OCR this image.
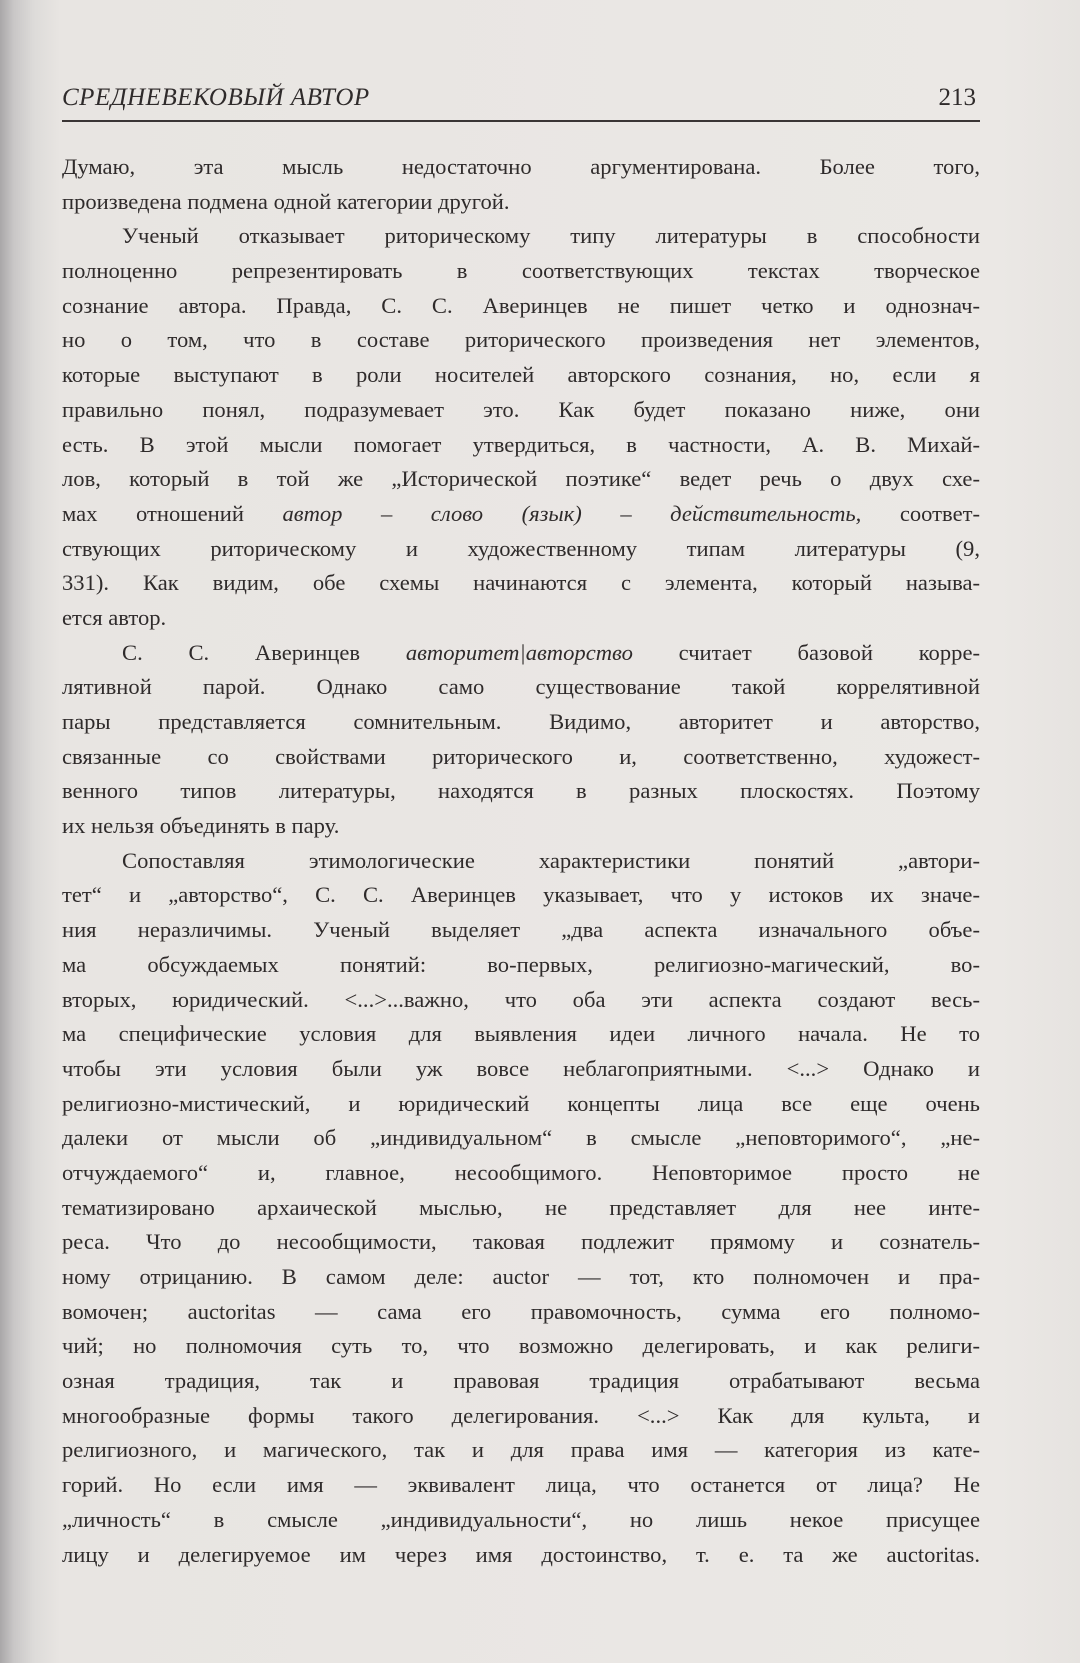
СРЕДНЕВЕКОВЫЙ АВТОР	213
Думаю, эта мысль недостаточно аргументирована. Более того,
произведена подмена одной категории другой.
Ученый отказывает риторическому типу литературы в способности
полноценно репрезентировать в соответствующих текстах творческое
сознание автора. Правда, С. С. Аверинцев не пишет четко и однознач-
но о том, что в составе риторического произведения нет элементов,
которые выступают в роли носителей авторского сознания, но, если я
правильно понял, подразумевает это. Как будет показано ниже, они
есть. В этой мысли помогает утвердиться, в частности, А. В. Михай-
лов, который в той же „Исторической поэтике“ ведет речь о двух схе-
мах отношений автор – слово (язык) – действительность, соответ-
ствующих риторическому и художественному типам литературы (9,
331). Как видим, обе схемы начинаются с элемента, который называ-
ется автор.
С. С. Аверинцев авторитет|авторство считает базовой корре-
лятивной парой. Однако само существование такой коррелятивной
пары представляется сомнительным. Видимо, авторитет и авторство,
связанные со свойствами риторического и, соответственно, художест-
венного типов литературы, находятся в разных плоскостях. Поэтому
их нельзя объединять в пару.
Сопоставляя этимологические характеристики понятий „автори-
тет“ и „авторство“, С. С. Аверинцев указывает, что у истоков их значе-
ния неразличимы. Ученый выделяет „два аспекта изначального объе-
ма обсуждаемых понятий: во-первых, религиозно-магический, во-
вторых, юридический. <...>...важно, что оба эти аспекта создают весь-
ма специфические условия для выявления идеи личного начала. Не то
чтобы эти условия были уж вовсе неблагоприятными. <...> Однако и
религиозно-мистический, и юридический концепты лица все еще очень
далеки от мысли об „индивидуальном“ в смысле „неповторимого“, „не-
отчуждаемого“ и, главное, несообщимого. Неповторимое просто не
тематизировано архаической мыслью, не представляет для нее инте-
реса. Что до несообщимости, таковая подлежит прямому и сознатель-
ному отрицанию. В самом деле: auctor — тот, кто полномочен и пра-
вомочен; auctoritas — сама его правомочность, сумма его полномо-
чий; но полномочия суть то, что возможно делегировать, и как религи-
озная традиция, так и правовая традиция отрабатывают весьма
многообразные формы такого делегирования. <...> Как для культа, и
религиозного, и магического, так и для права имя — категория из кате-
горий. Но если имя — эквивалент лица, что останется от лица? Не
„личность“ в смысле „индивидуальности“, но лишь некое присущее
лицу и делегируемое им через имя достоинство, т. е. та же auctoritas.
